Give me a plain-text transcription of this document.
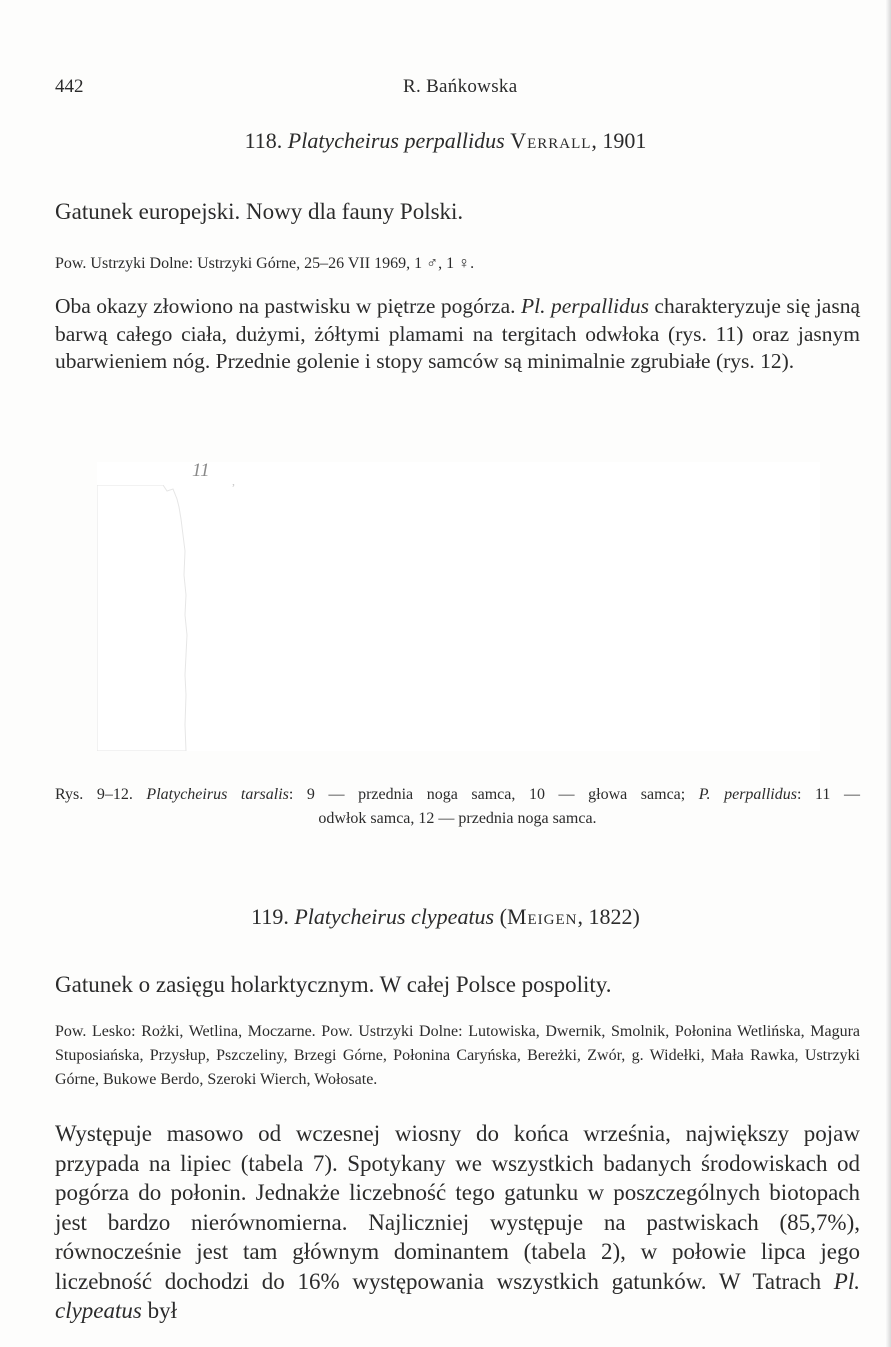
442	R. Bańkowska
118. Platycheirus perpallidus Verrall, 1901
Gatunek europejski. Nowy dla fauny Polski.
Pow. Ustrzyki Dolne: Ustrzyki Górne, 25–26 VII 1969, 1 ♂, 1 ♀.
Oba okazy złowiono na pastwisku w piętrze pogórza. Pl. perpallidus charakteryzuje się jasną barwą całego ciała, dużymi, żółtymi plamami na tergitach odwłoka (rys. 11) oraz jasnym ubarwieniem nóg. Przednie golenie i stopy samców są minimalnie zgrubiałe (rys. 12).
11 ,
Rys. 9–12. Platycheirus tarsalis: 9 — przednia noga samca, 10 — głowa samca; P. perpallidus: 11 —
odwłok samca, 12 — przednia noga samca.
119. Platycheirus clypeatus (Meigen, 1822)
Gatunek o zasięgu holarktycznym. W całej Polsce pospolity.
Pow. Lesko: Rożki, Wetlina, Moczarne. Pow. Ustrzyki Dolne: Lutowiska, Dwernik, Smolnik, Połonina Wetlińska, Magura Stuposiańska, Przysłup, Pszczeliny, Brzegi Górne, Połonina Caryńska, Bereżki, Zwór, g. Widełki, Mała Rawka, Ustrzyki Górne, Bukowe Berdo, Szeroki Wierch, Wołosate.
Występuje masowo od wczesnej wiosny do końca września, największy pojaw przypada na lipiec (tabela 7). Spotykany we wszystkich badanych środowiskach od pogórza do połonin. Jednakże liczebność tego gatunku w poszczególnych biotopach jest bardzo nierównomierna. Najliczniej występuje na pastwiskach (85,7%), równocześnie jest tam głównym dominantem (tabela 2), w połowie lipca jego liczebność dochodzi do 16% występowania wszystkich gatunków. W Tatrach Pl. clypeatus był
